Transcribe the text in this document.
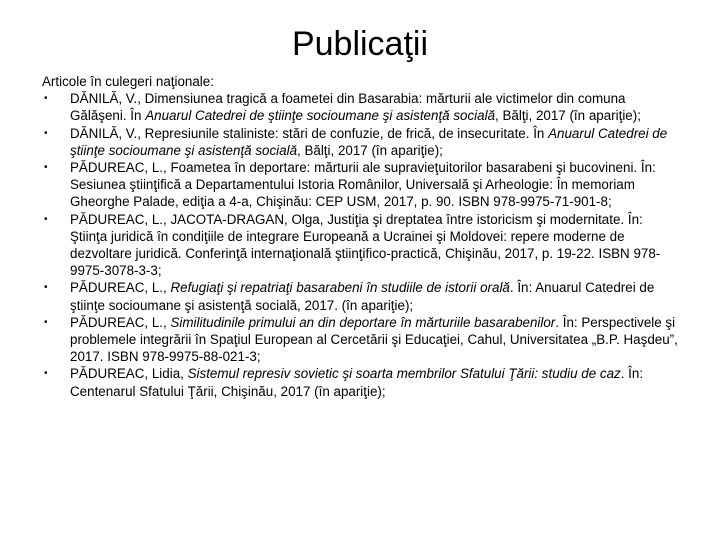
Publicaţii
Articole în culegeri naţionale:
• DĂNILĂ, V., Dimensiunea tragică a foametei din Basarabia: mărturii ale victimelor din comuna Gălăşeni. În Anuarul Catedrei de ştiinţe socioumane şi asistenţă socială, Bălţi, 2017 (în apariţie);
• DĂNILĂ, V., Represiunile staliniste: stări de confuzie, de frică, de insecuritate. În Anuarul Catedrei de ştiinţe socioumane şi asistenţă socială, Bălţi, 2017 (în apariţie);
• PĂDUREAC, L., Foametea în deportare: mărturii ale supravieţuitorilor basarabeni şi bucovineni. În: Sesiunea ştiinţifică a Departamentului Istoria Românilor, Universală şi Arheologie: În memoriam Gheorghe Palade, ediţia a 4-a, Chişinău: CEP USM, 2017, p. 90. ISBN 978-9975-71-901-8;
• PĂDUREAC, L., JACOTA-DRAGAN, Olga, Justiţia şi dreptatea între istoricism şi modernitate. În: Ştiinţa juridică în condiţiile de integrare Europeană a Ucrainei şi Moldovei: repere moderne de dezvoltare juridică. Conferinţă internaţională ştiinţifico-practică, Chişinău, 2017, p. 19-22. ISBN 978-9975-3078-3-3;
• PĂDUREAC, L., Refugiaţi şi repatriaţi basarabeni în studiile de istorii orală. În: Anuarul Catedrei de ştiinţe socioumane şi asistenţă socială, 2017. (în apariţie);
• PĂDUREAC, L., Similitudinile primului an din deportare în mărturiile basarabenilor. În: Perspectivele şi problemele integrării în Spaţiul European al Cercetării şi Educaţiei, Cahul, Universitatea „B.P. Haşdeu”, 2017. ISBN 978-9975-88-021-3;
• PĂDUREAC, Lidia, Sistemul represiv sovietic şi soarta membrilor Sfatului Ţării: studiu de caz. În: Centenarul Sfatului Ţării, Chişinău, 2017 (în apariţie);
